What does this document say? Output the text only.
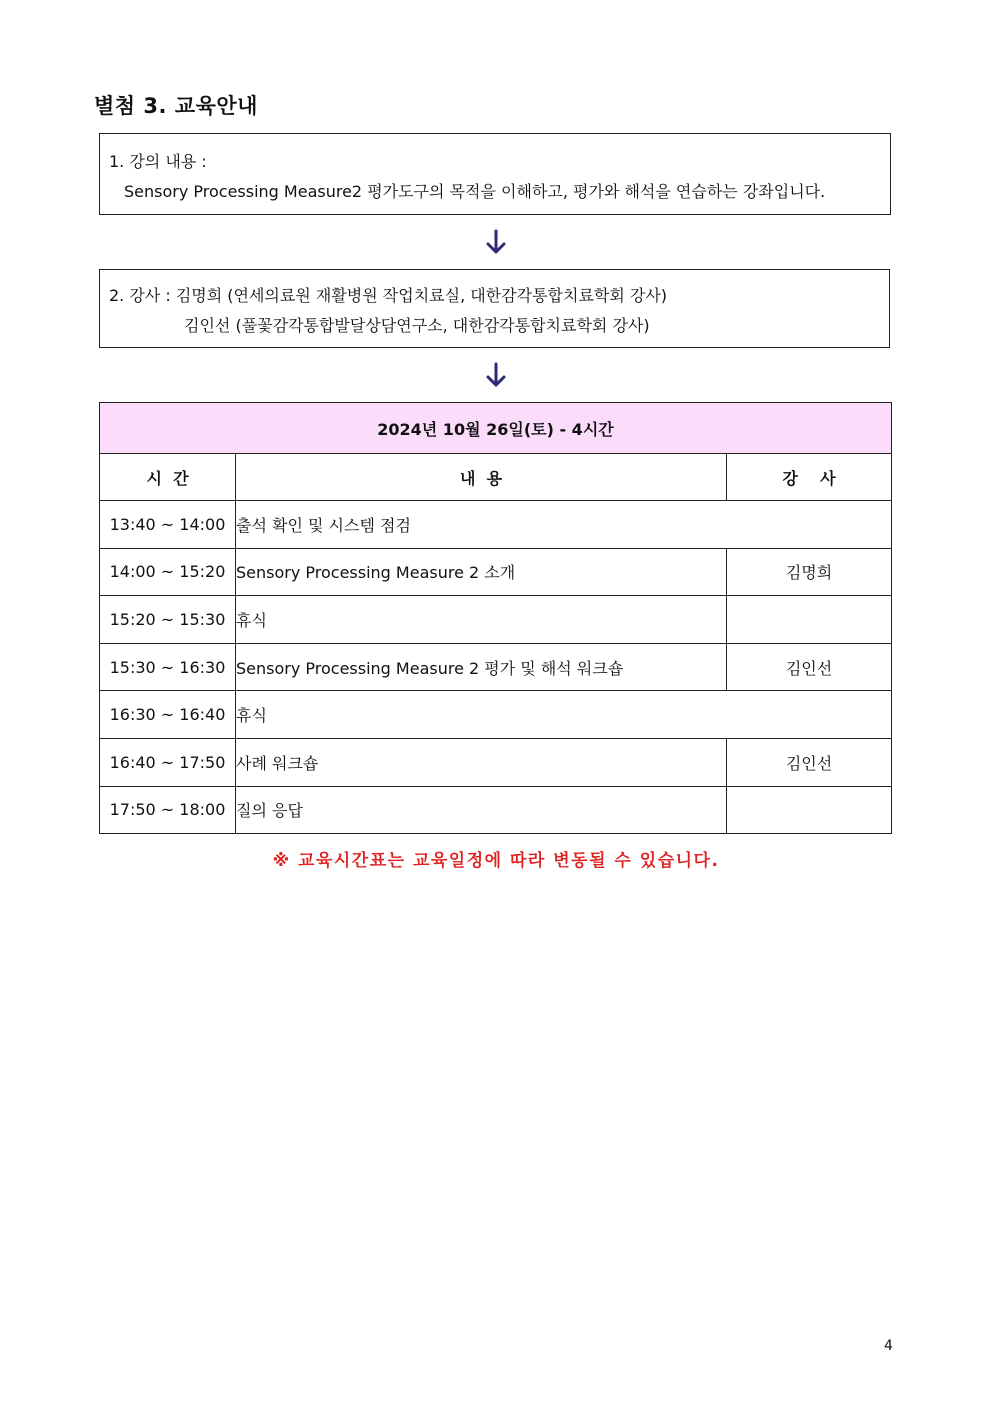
별첨 3. 교육안내
1. 강의 내용 :
Sensory Processing Measure2 평가도구의 목적을 이해하고, 평가와 해석을 연습하는 강좌입니다.
2. 강사 : 김명희 (연세의료원 재활병원 작업치료실, 대한감각통합치료학회 강사)
김인선 (풀꽃감각통합발달상담연구소, 대한감각통합치료학회 강사)
2024년 10월 26일(토) - 4시간		
시  간	내  용	강    사
13:40 ~ 14:00	출석 확인 및 시스템 점검	
14:00 ~ 15:20	Sensory Processing Measure 2 소개	김명희
15:20 ~ 15:30	휴식	
15:30 ~ 16:30	Sensory Processing Measure 2 평가 및 해석 워크숍	김인선
16:30 ~ 16:40	휴식	
16:40 ~ 17:50	사례 워크숍	김인선
17:50 ~ 18:00	질의 응답	

※ 교육시간표는 교육일정에 따라 변동될 수 있습니다.

4
